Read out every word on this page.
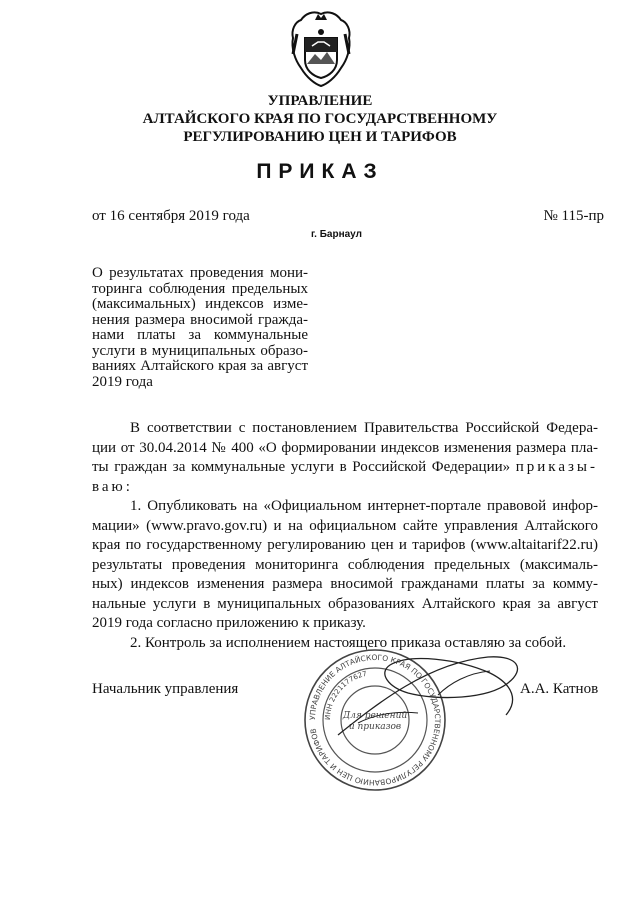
УПРАВЛЕНИЕ
АЛТАЙСКОГО КРАЯ ПО ГОСУДАРСТВЕННОМУ
РЕГУЛИРОВАНИЮ ЦЕН И ТАРИФОВ
ПРИКАЗ
от 16 сентября 2019 года	№ 115-пр
г. Барнаул
О результатах проведения мони-
торинга соблюдения предельных
(максимальных) индексов изме-
нения размера вносимой гражда-
нами платы за коммунальные
услуги в муниципальных образо-
ваниях Алтайского края за август
2019 года
В соответствии с постановлением Правительства Российской Федера-
ции от 30.04.2014 № 400 «О формировании индексов изменения размера пла-
ты граждан за коммунальные услуги в Российской Федерации» приказы-
ваю:
1. Опубликовать на «Официальном интернет-портале правовой инфор-
мации» (www.pravo.gov.ru) и на официальном сайте управления Алтайского
края по государственному регулированию цен и тарифов (www.altaitarif22.ru)
результаты проведения мониторинга соблюдения предельных (максималь-
ных) индексов изменения размера вносимой гражданами платы за комму-
нальные услуги в муниципальных образованиях Алтайского края за август
2019 года согласно приложению к приказу.
2. Контроль за исполнением настоящего приказа оставляю за собой.
УПРАВЛЕНИЕ АЛТАЙСКОГО КРАЯ ПО ГОСУДАРСТВЕННОМУ РЕГУЛИРОВАНИЮ ЦЕН И ТАРИФОВ
ИНН 2221177627
Для решений
и приказов
Начальник управления	А.А. Катнов
